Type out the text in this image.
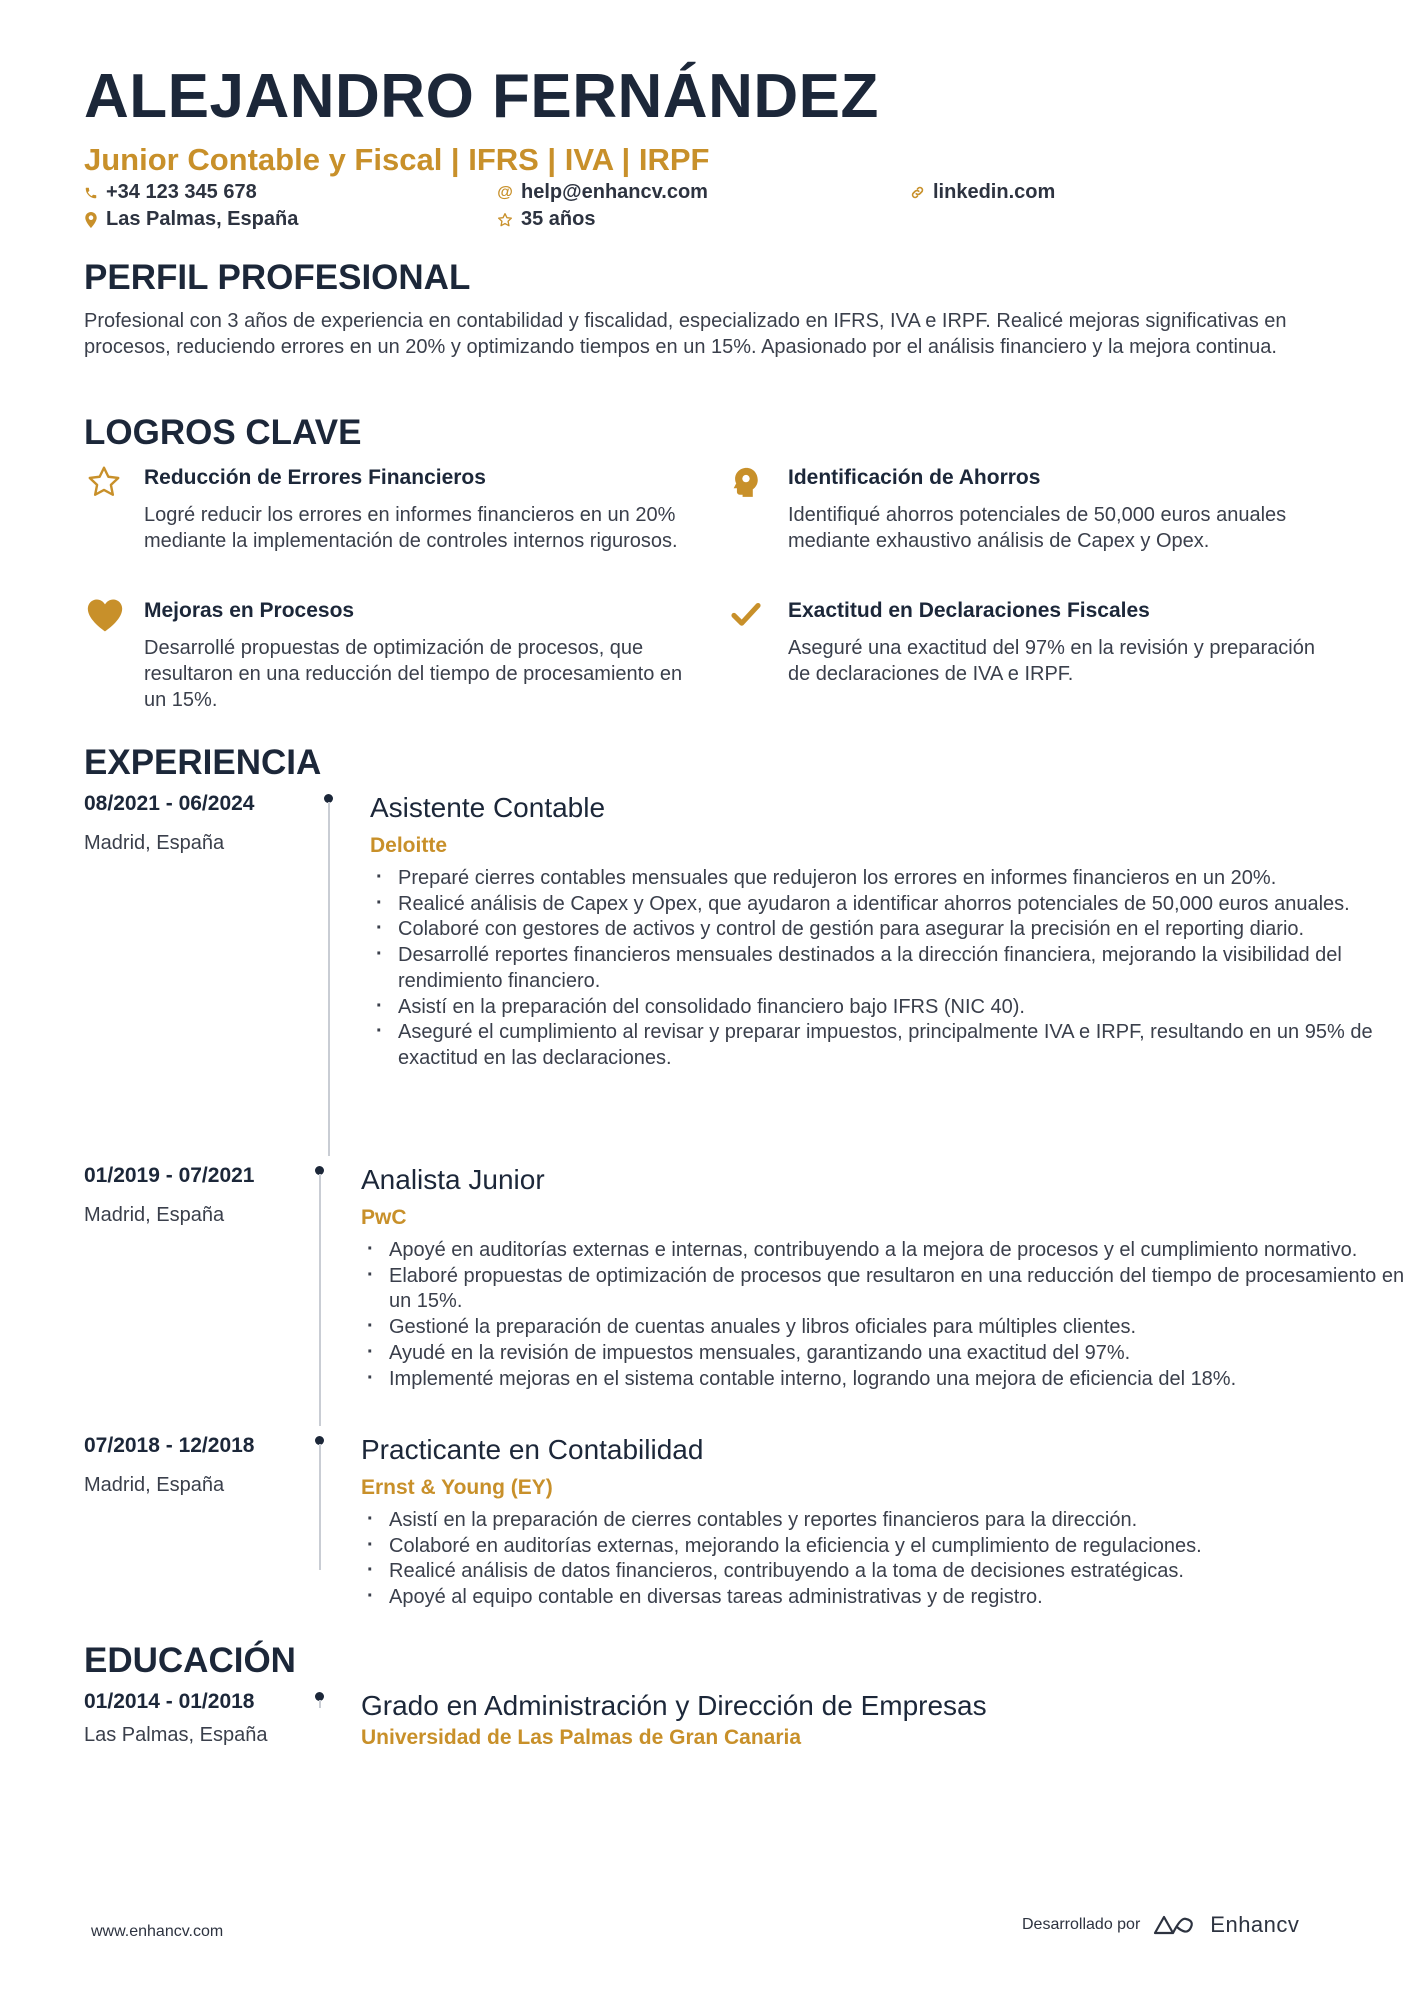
ALEJANDRO FERNÁNDEZ
Junior Contable y Fiscal | IFRS | IVA | IRPF
+34 123 345 678	@ help@enhancv.com	linkedin.com
Las Palmas, España	35 años
PERFIL PROFESIONAL

Profesional con 3 años de experiencia en contabilidad y fiscalidad, especializado en IFRS, IVA e IRPF. Realicé mejoras significativas en procesos, reduciendo errores en un 20% y optimizando tiempos en un 15%. Apasionado por el análisis financiero y la mejora continua.

LOGROS CLAVE
Reducción de Errores Financieros
Logré reducir los errores en informes financieros en un 20% mediante la implementación de controles internos rigurosos.
Identificación de Ahorros
Identifiqué ahorros potenciales de 50,000 euros anuales mediante exhaustivo análisis de Capex y Opex.
Mejoras en Procesos
Desarrollé propuestas de optimización de procesos, que resultaron en una reducción del tiempo de procesamiento en un 15%.
Exactitud en Declaraciones Fiscales
Aseguré una exactitud del 97% en la revisión y preparación de declaraciones de IVA e IRPF.
EXPERIENCIA
08/2021 - 06/2024
Madrid, España
Asistente Contable
Deloitte
· Preparé cierres contables mensuales que redujeron los errores en informes financieros en un 20%.
· Realicé análisis de Capex y Opex, que ayudaron a identificar ahorros potenciales de 50,000 euros anuales.
· Colaboré con gestores de activos y control de gestión para asegurar la precisión en el reporting diario.
· Desarrollé reportes financieros mensuales destinados a la dirección financiera, mejorando la visibilidad del rendimiento financiero.
· Asistí en la preparación del consolidado financiero bajo IFRS (NIC 40).
· Aseguré el cumplimiento al revisar y preparar impuestos, principalmente IVA e IRPF, resultando en un 95% de exactitud en las declaraciones.
01/2019 - 07/2021
Madrid, España
Analista Junior
PwC
· Apoyé en auditorías externas e internas, contribuyendo a la mejora de procesos y el cumplimiento normativo.
· Elaboré propuestas de optimización de procesos que resultaron en una reducción del tiempo de procesamiento en un 15%.
· Gestioné la preparación de cuentas anuales y libros oficiales para múltiples clientes.
· Ayudé en la revisión de impuestos mensuales, garantizando una exactitud del 97%.
· Implementé mejoras en el sistema contable interno, logrando una mejora de eficiencia del 18%.
07/2018 - 12/2018
Madrid, España
Practicante en Contabilidad
Ernst & Young (EY)
· Asistí en la preparación de cierres contables y reportes financieros para la dirección.
· Colaboré en auditorías externas, mejorando la eficiencia y el cumplimiento de regulaciones.
· Realicé análisis de datos financieros, contribuyendo a la toma de decisiones estratégicas.
· Apoyé al equipo contable en diversas tareas administrativas y de registro.
EDUCACIÓN
01/2014 - 01/2018
Las Palmas, España
Grado en Administración y Dirección de Empresas
Universidad de Las Palmas de Gran Canaria
www.enhancv.com	Desarrollado por	Enhancv
